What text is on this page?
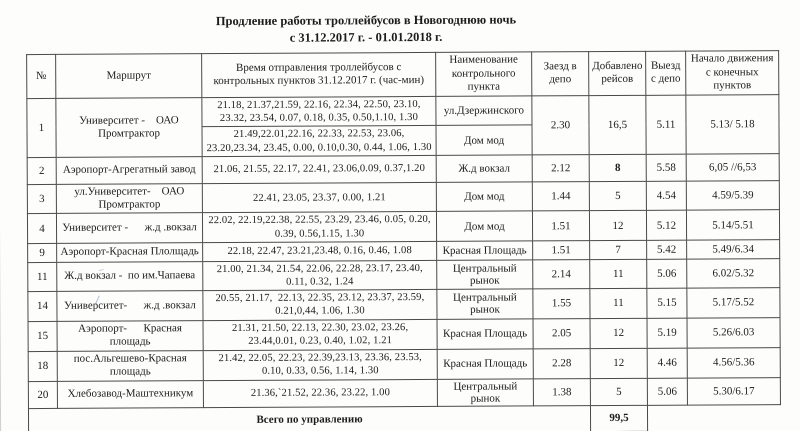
Продление работы троллейбусов в Новогоднюю ночь
с 31.12.2017 г. - 01.01.2018 г.
№	Маршрут	Время отправления троллейбусов с контрольных пунктов 31.12.2017 г. (час-мин)	Наименование контрольного пункта	Заезд в депо	Добавлено рейсов	Выезд с депо	Начало движения с конечных пунктов
1	Университет -    ОАО Промтрактор	21.18, 21.37,21.59, 22.16, 22.34, 22.50, 23.10, 23.32, 23.54, 0.07, 0.18, 0.35, 0.50,1.10, 1.30	ул.Дзержинского	2.30	16,5	5.11	5.13/ 5.18
		21.49,22.01,22.16, 22.33, 22.53, 23.06, 23.20,23.34, 23.45, 0.00, 0.10,0.30, 0.44, 1.06, 1.30	Дом мод				
2	Аэропорт-Агрегатный завод	21.06, 21.55, 22.17, 22.41, 23.06,0.09, 0.37,1.20	Ж.д вокзал	2.12	8	5.58	6,05 //6,53
3	ул.Университет-    ОАО Промтрактор	22.41, 23.05, 23.37, 0.00, 1.21	Дом мод	1.44	5	4.54	4.59/5.39
4	Университет -      ж.д .вокзал	22.02, 22.19,22.38, 22.55, 23.29, 23.46, 0.05, 0.20, 0.39, 0.56,1.15, 1.30	Дом мод	1.51	12	5.12	5.14/5.51
9	Аэропорт-Красная Плолщадь	22.18, 22.47, 23.21,23.48, 0.16, 0.46, 1.08	Красная Площадь	1.51	7	5.42	5.49/6.34
11	Ж.д вокзал -  по им.Чапаева	21.00, 21.34, 21.54, 22.06, 22.28, 23.17, 23.40, 0.11, 0.32, 1.24	Центральный рынок	2.14	11	5.06	6.02/5.32
14	Университет-      ж.д .вокзал	20.55, 21.17,  22.13, 22.35, 23.12, 23.37, 23.59, 0.21,0,44, 1.06, 1.30	Центральный рынок	1.55	11	5.15	5.17/5.52
15	Аэропорт-      Красная площадь	21.31, 21.50, 22.13, 22.30, 23.02, 23.26, 23.44,0.01, 0.23, 0.40, 1.02, 1.21	Красная Площадь	2.05	12	5.19	5.26/6.03
18	пос.Альгешево-Красная площадь	21.42, 22.05, 22.23, 22.39,23.13, 23.36, 23.53, 0.10, 0.33, 0.56, 1.14, 1.30	Красная Площадь	2.28	12	4.46	4.56/5.36
20	Хлебозавод-Маштехникум	21.36,`21.52, 22.36, 23.22, 1.00	Центральный рынок	1.38	5	5.06	5.30/6.17
Всего по управлению					99,5		
